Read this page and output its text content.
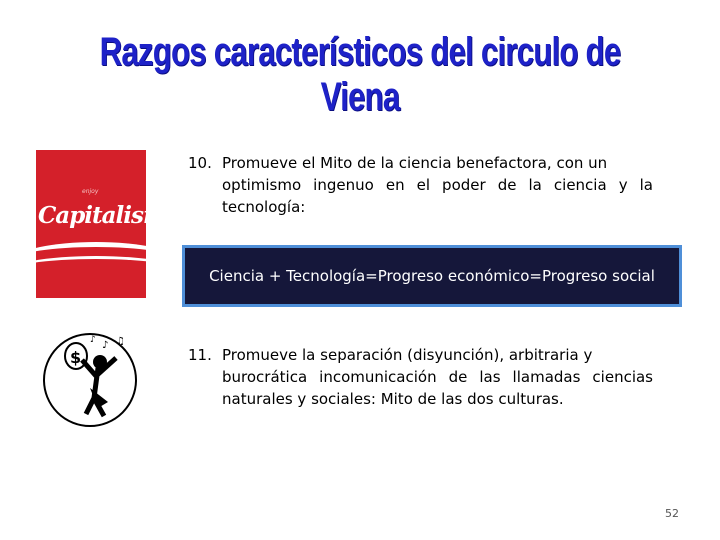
Razgos característicos del circulo de Viena
enjoy
Capitalism
$
♪ ♫
♪
10. Promueve el Mito de la ciencia benefactora, con un
optimismo ingenuo en el poder de la ciencia y la tecnología:
Ciencia + Tecnología=Progreso económico=Progreso social
11. Promueve la separación (disyunción), arbitraria y
burocrática incomunicación de las llamadas ciencias naturales y sociales: Mito de las dos culturas.
52
